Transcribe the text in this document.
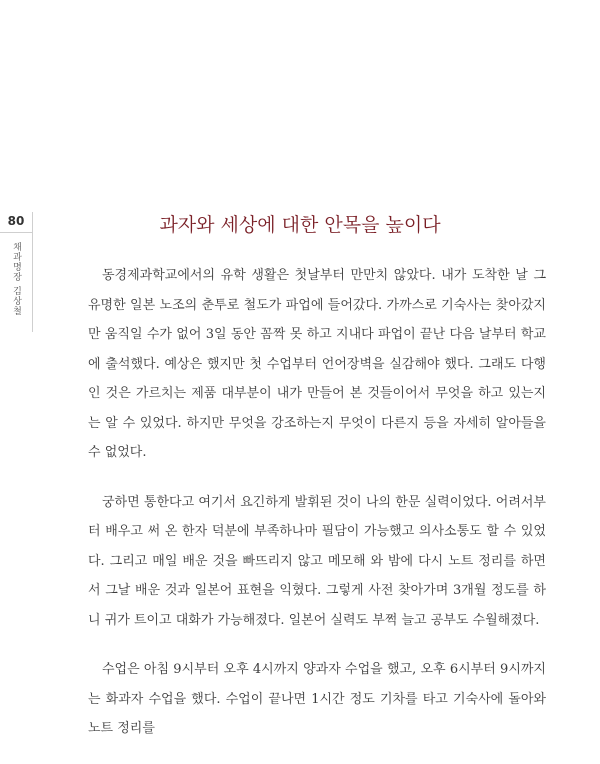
80
채과명장 김상철
과자와 세상에 대한 안목을 높이다

동경제과학교에서의 유학 생활은 첫날부터 만만치 않았다. 내가 도착한 날 그 유명한 일본 노조의 춘투로 철도가 파업에 들어갔다. 가까스로 기숙사는 찾아갔지만 움직일 수가 없어 3일 동안 꼼짝 못 하고 지내다 파업이 끝난 다음 날부터 학교에 출석했다. 예상은 했지만 첫 수업부터 언어장벽을 실감해야 했다. 그래도 다행인 것은 가르치는 제품 대부분이 내가 만들어 본 것들이어서 무엇을 하고 있는지는 알 수 있었다. 하지만 무엇을 강조하는지 무엇이 다른지 등을 자세히 알아들을 수 없었다.

궁하면 통한다고 여기서 요긴하게 발휘된 것이 나의 한문 실력이었다. 어려서부터 배우고 써 온 한자 덕분에 부족하나마 필담이 가능했고 의사소통도 할 수 있었다. 그리고 매일 배운 것을 빠뜨리지 않고 메모해 와 밤에 다시 노트 정리를 하면서 그날 배운 것과 일본어 표현을 익혔다. 그렇게 사전 찾아가며 3개월 정도를 하니 귀가 트이고 대화가 가능해졌다. 일본어 실력도 부쩍 늘고 공부도 수월해졌다.

수업은 아침 9시부터 오후 4시까지 양과자 수업을 했고, 오후 6시부터 9시까지는 화과자 수업을 했다. 수업이 끝나면 1시간 정도 기차를 타고 기숙사에 돌아와 노트 정리를
